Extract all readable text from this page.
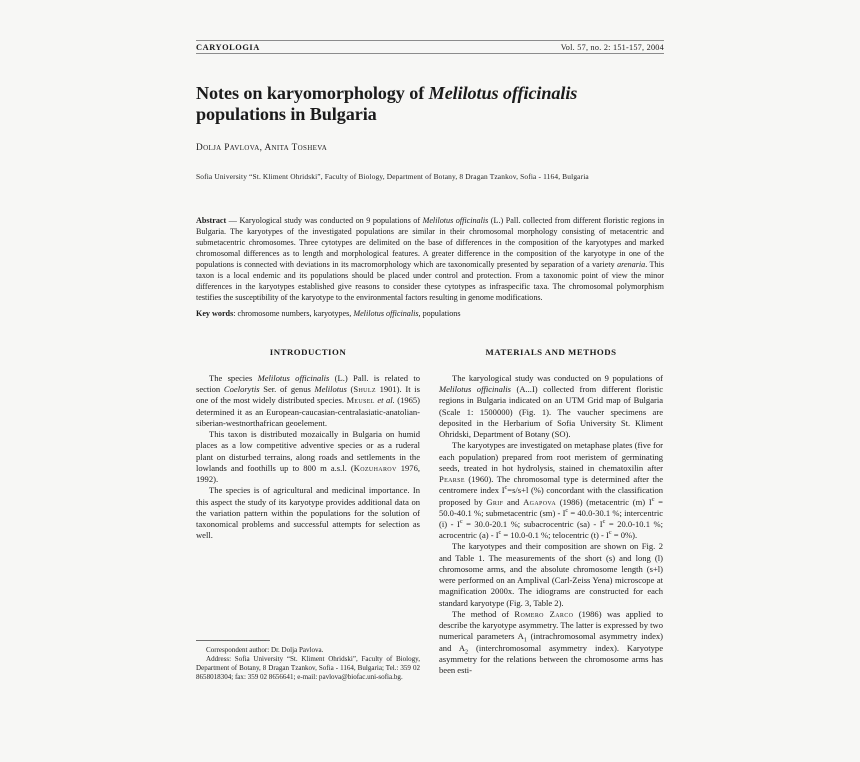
CARYOLOGIA	Vol. 57, no. 2: 151-157, 2004
Notes on karyomorphology of Melilotus officinalis populations in Bulgaria
Dolja Pavlova, Anita Tosheva
Sofia University “St. Kliment Ohridski”, Faculty of Biology, Department of Botany, 8 Dragan Tzankov, Sofia - 1164, Bulgaria
Abstract — Karyological study was conducted on 9 populations of Melilotus officinalis (L.) Pall. collected from different floristic regions in Bulgaria. The karyotypes of the investigated populations are similar in their chromosomal morphology consisting of metacentric and submetacentric chromosomes. Three cytotypes are delimited on the base of differences in the composition of the karyotypes and marked chromosomal differences as to length and morphological features. A greater difference in the composition of the karyotype in one of the populations is connected with deviations in its macromorphology which are taxonomically presented by separation of a variety arenaria. This taxon is a local endemic and its populations should be placed under control and protection. From a taxonomic point of view the minor differences in the karyotypes established give reasons to consider these cytotypes as infraspecific taxa. The chromosomal polymorphism testifies the susceptibility of the karyotype to the environmental factors resulting in genome modifications.
Key words: chromosome numbers, karyotypes, Melilotus officinalis, populations
INTRODUCTION

The species Melilotus officinalis (L.) Pall. is related to section Coelorytis Ser. of genus Melilotus (Shulz 1901). It is one of the most widely distributed species. Meusel et al. (1965) determined it as an European-caucasian-centralasiatic-anatolian-siberian-westnorthafrican geoelement.

This taxon is distributed mozaically in Bulgaria on humid places as a low competitive adventive species or as a ruderal plant on disturbed terrains, along roads and settlements in the lowlands and foothills up to 800 m a.s.l. (Kozuharov 1976, 1992).

The species is of agricultural and medicinal importance. In this aspect the study of its karyotype provides additional data on the variation pattern within the populations for the solution of taxonomical problems and successful attempts for selection as well.

Correspondent author: Dr. Dolja Pavlova.

Address: Sofia University “St. Kliment Ohridski”, Faculty of Biology, Department of Botany, 8 Dragan Tzankov, Sofia - 1164, Bulgaria; Tel.: 359 02 8658018304; fax: 359 02 8656641; e-mail: pavlova@biofac.uni-sofia.bg.

MATERIALS AND METHODS

The karyological study was conducted on 9 populations of Melilotus officinalis (A...I) collected from different floristic regions in Bulgaria indicated on an UTM Grid map of Bulgaria (Scale 1: 1500000) (Fig. 1). The vaucher specimens are deposited in the Herbarium of Sofia University St. Kliment Ohridski, Department of Botany (SO).

The karyotypes are investigated on metaphase plates (five for each population) prepared from root meristem of germinating seeds, treated in hot hydrolysis, stained in chematoxilin after Pearse (1960). The chromosomal type is determined after the centromere index $I^c=s/s+l$ (%) concordant with the classification proposed by Grif and Agapova (1986) (metacentric (m) $I^c = 50.0-40.1$ %; submetacentric $(sm) - I^c = 40.0-30.1$ %; intercentric $(i) - I^c = 30.0-20.1$ %; subacrocentric $(sa) - I^c = 20.0-10.1$ %; acrocentric $(a) - I^c = 10.0-0.1$ %; telocentric $(t) - I^c = 0\%$).

The karyotypes and their composition are shown on Fig. 2 and Table 1. The measurements of the short (s) and long (l) chromosome arms, and the absolute chromosome length (s+l) were performed on an Amplival (Carl-Zeiss Yena) microscope at magnification 2000x. The idiograms are constructed for each standard karyotype (Fig. 3, Table 2).

The method of Romero Zarco (1986) was applied to describe the karyotype asymmetry. The latter is expressed by two numerical parameters $A_1$ (intrachromosomal asymmetry index) and $A_2$ (interchromosomal asymmetry index). Karyotype asymmetry for the relations between the chromosome arms has been esti-
